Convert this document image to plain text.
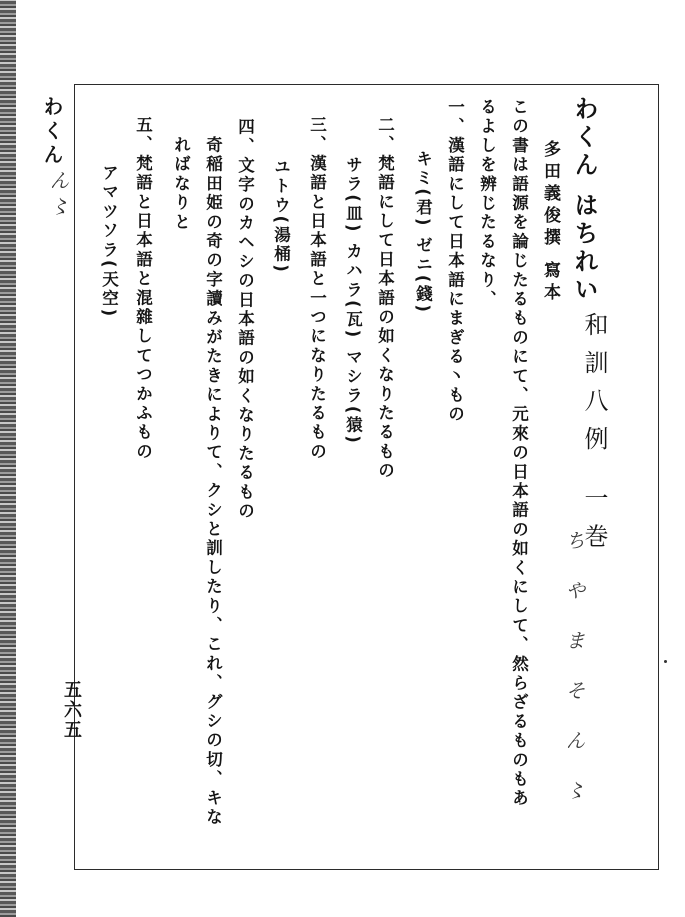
わくん はちれい
多田義俊撰 寫本
和訓八例 一巻
この書は語源を論じたるものにて、元來の日本語の如くにして、然らざるものもあ
るよしを辨じたるなり、
一、漢語にして日本語にまぎる丶もの
キミ(君) ゼニ(錢)
二、梵語にして日本語の如くなりたるもの
サラ(皿) カハラ(瓦) マシラ(猿)
三、漢語と日本語と一つになりたるもの
ユトウ(湯桶)
四、文字のカヘシの日本語の如くなりたるもの
奇稲田姫の奇の字讀みがたきによりて、クシと訓したり、これ、グシの切、キな
ればなりと
五、梵語と日本語と混雜してつかふもの
アマツソラ(天空)
わくん
五六五
ん〻
ちやまそん〻
